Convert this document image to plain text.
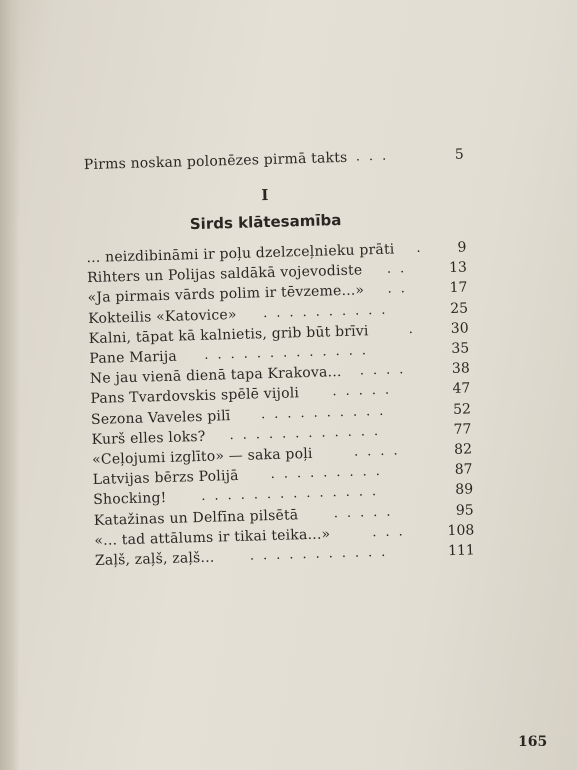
Pirms noskan polonēzes pirmā takts ...	5
I
Sirds klātesamība
... neizdibināmi ir poļu dzelzceļnieku prāti .	9
Rihters un Polijas saldākā vojevodiste ..	13
«Ja pirmais vārds polim ir tēvzeme...» ..	17
Kokteilis «Katovice» ..........	25
Kalni, tāpat kā kalnietis, grib būt brīvi	.	30
Pane Marija .............	35
Ne jau vienā dienā tapa Krakova... ....	38
Pans Tvardovskis spēlē vijoli	.....	47
Sezona Vaveles pilī ..........	52
Kurš elles loks? ............	77
«Ceļojumi izglīto» — saka poļi	....	82
Latvijas bērzs Polijā .........	87
Shocking!	..............	89
Katažinas un Delfīna pilsētā	.....	95
«... tad attālums ir tikai teika...»	...	108
Zaļš, zaļš, zaļš...	...........	111
165
